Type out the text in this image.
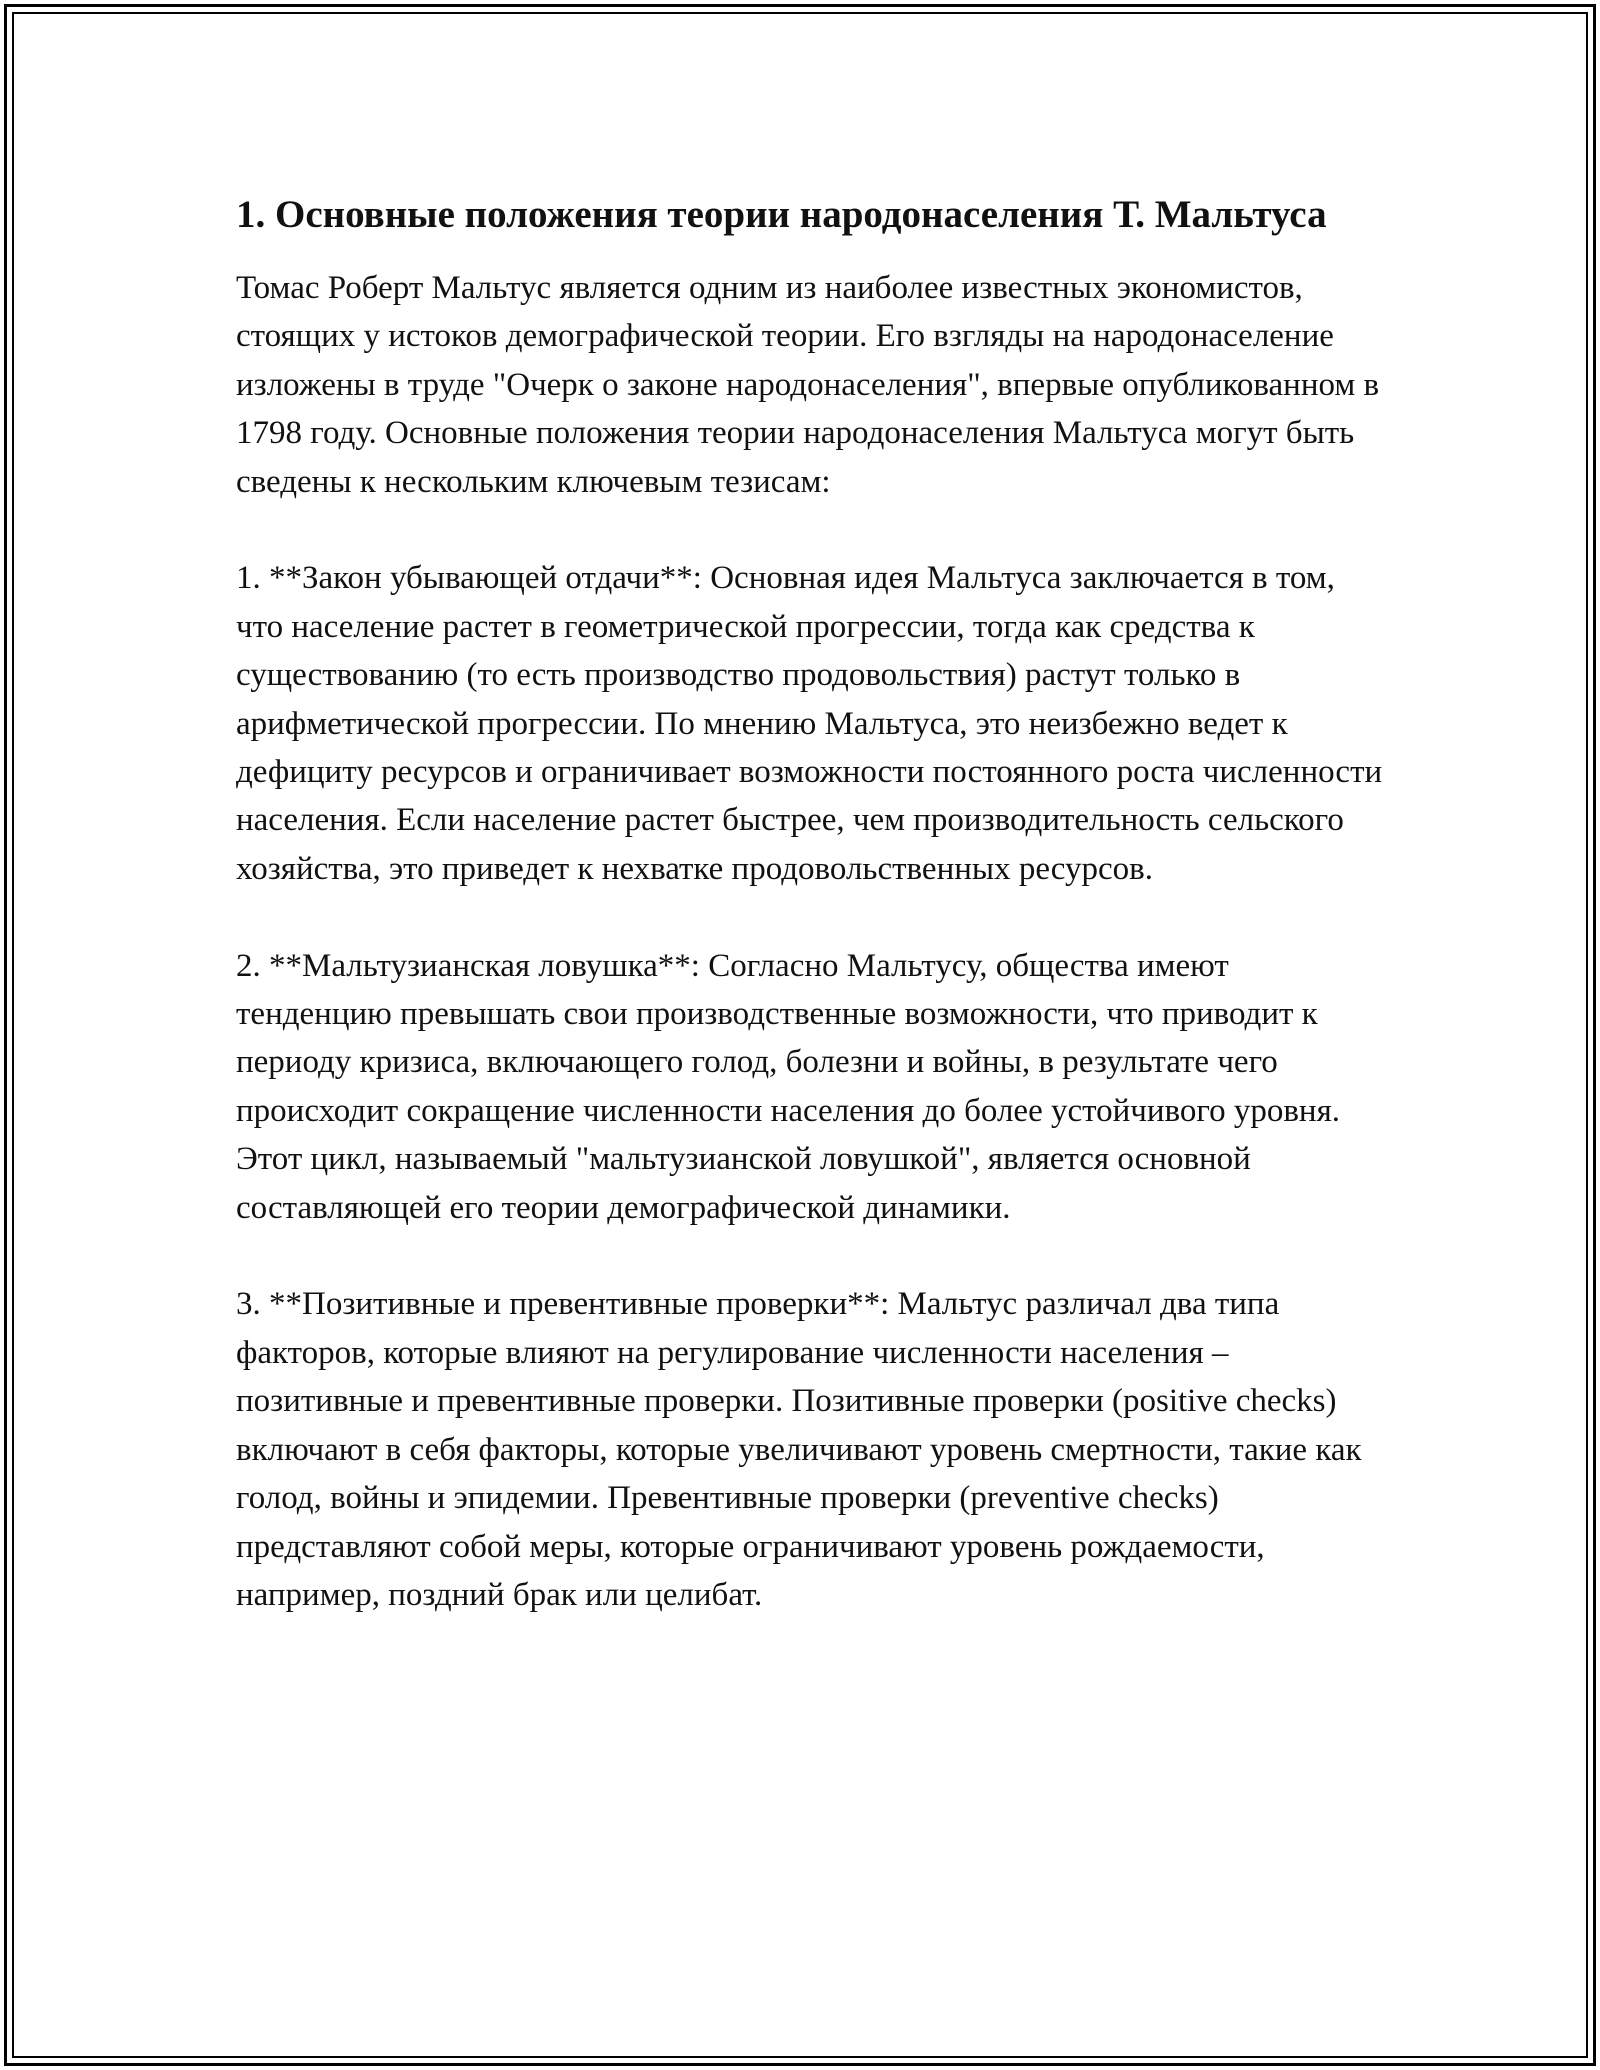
1. Основные положения теории народонаселения Т. Мальтуса

Томас Роберт Мальтус является одним из наиболее известных экономистов, стоящих у истоков демографической теории. Его взгляды на народонаселение изложены в труде "Очерк о законе народонаселения", впервые опубликованном в 1798 году. Основные положения теории народонаселения Мальтуса могут быть сведены к нескольким ключевым тезисам:

1. **Закон убывающей отдачи**: Основная идея Мальтуса заключается в том, что население растет в геометрической прогрессии, тогда как средства к существованию (то есть производство продовольствия) растут только в арифметической прогрессии. По мнению Мальтуса, это неизбежно ведет к дефициту ресурсов и ограничивает возможности постоянного роста численности населения. Если население растет быстрее, чем производительность сельского хозяйства, это приведет к нехватке продовольственных ресурсов.

2. **Мальтузианская ловушка**: Согласно Мальтусу, общества имеют тенденцию превышать свои производственные возможности, что приводит к периоду кризиса, включающего голод, болезни и войны, в результате чего происходит сокращение численности населения до более устойчивого уровня. Этот цикл, называемый "мальтузианской ловушкой", является основной составляющей его теории демографической динамики.

3. **Позитивные и превентивные проверки**: Мальтус различал два типа факторов, которые влияют на регулирование численности населения – позитивные и превентивные проверки. Позитивные проверки (positive checks) включают в себя факторы, которые увеличивают уровень смертности, такие как голод, войны и эпидемии. Превентивные проверки (preventive checks) представляют собой меры, которые ограничивают уровень рождаемости, например, поздний брак или целибат.
